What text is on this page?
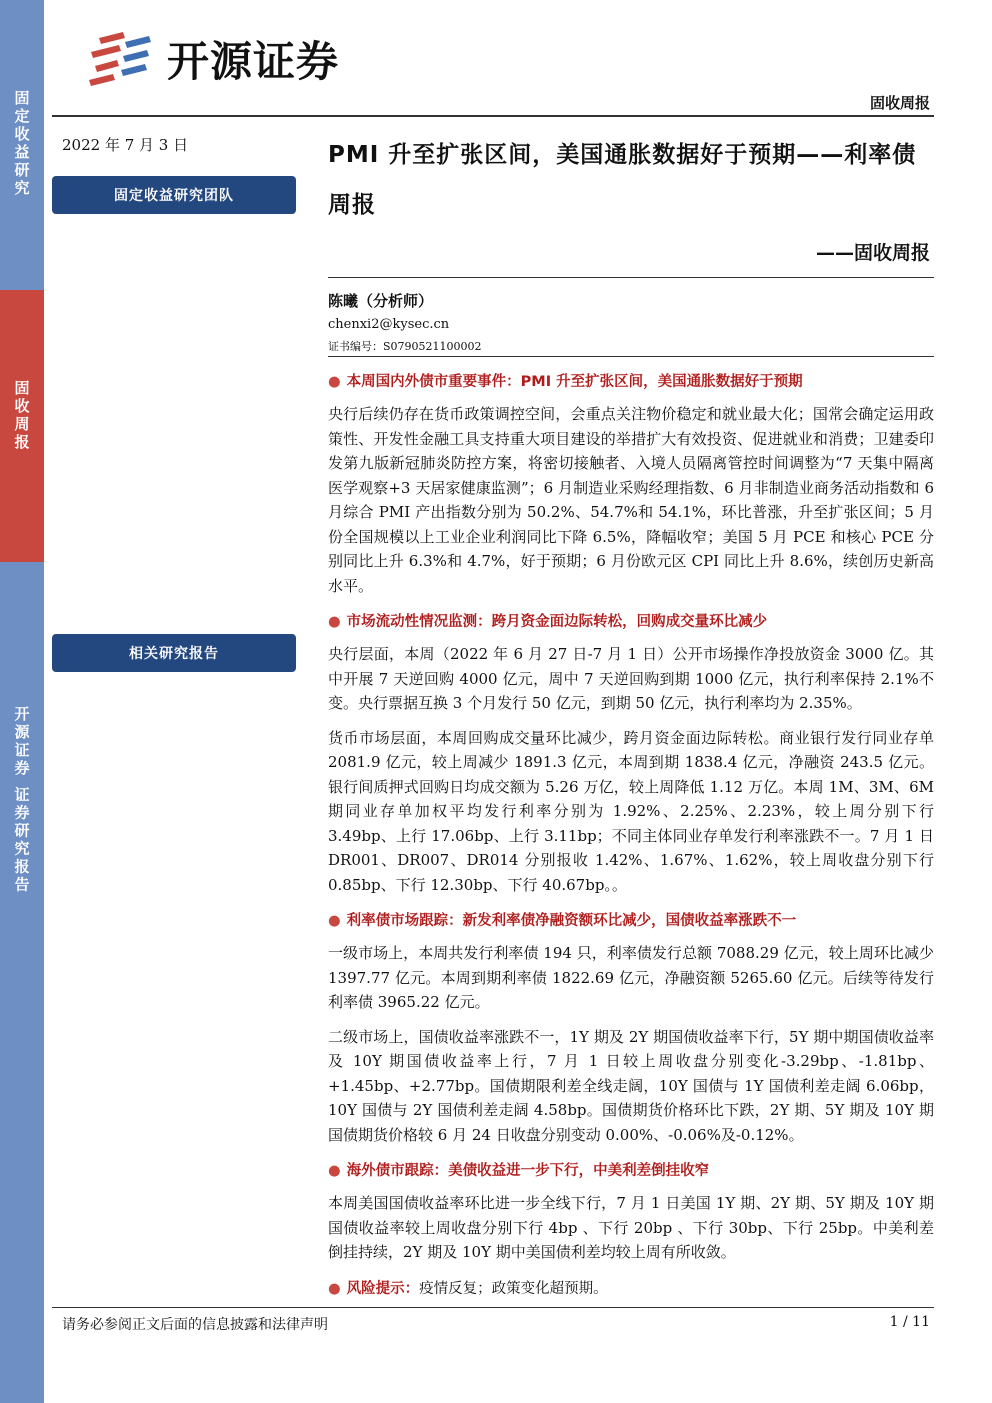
固定收益研究
固收周报
开源证券 证券研究报告
开源证券
固收周报
2022 年 7 月 3 日
固定收益研究团队
相关研究报告
PMI 升至扩张区间，美国通胀数据好于预期——利率债周报
——固收周报
陈曦（分析师）
chenxi2@kysec.cn
证书编号：S0790521100002
● 本周国内外债市重要事件：PMI 升至扩张区间，美国通胀数据好于预期

央行后续仍存在货币政策调控空间，会重点关注物价稳定和就业最大化；国常会确定运用政策性、开发性金融工具支持重大项目建设的举措扩大有效投资、促进就业和消费；卫建委印发第九版新冠肺炎防控方案，将密切接触者、入境人员隔离管控时间调整为“7 天集中隔离医学观察+3 天居家健康监测”；6 月制造业采购经理指数、6 月非制造业商务活动指数和 6 月综合 PMI 产出指数分别为 50.2%、54.7%和 54.1%，环比普涨，升至扩张区间；5 月份全国规模以上工业企业利润同比下降 6.5%，降幅收窄；美国 5 月 PCE 和核心 PCE 分别同比上升 6.3%和 4.7%，好于预期；6 月份欧元区 CPI 同比上升 8.6%，续创历史新高水平。

● 市场流动性情况监测：跨月资金面边际转松，回购成交量环比减少

央行层面，本周（2022 年 6 月 27 日-7 月 1 日）公开市场操作净投放资金 3000 亿。其中开展 7 天逆回购 4000 亿元，周中 7 天逆回购到期 1000 亿元，执行利率保持 2.1%不变。央行票据互换 3 个月发行 50 亿元，到期 50 亿元，执行利率均为 2.35%。

货币市场层面，本周回购成交量环比减少，跨月资金面边际转松。商业银行发行同业存单 2081.9 亿元，较上周减少 1891.3 亿元，本周到期 1838.4 亿元，净融资 243.5 亿元。银行间质押式回购日均成交额为 5.26 万亿，较上周降低 1.12 万亿。本周 1M、3M、6M 期同业存单加权平均发行利率分别为 1.92%、2.25%、2.23%，较上周分别下行 3.49bp、上行 17.06bp、上行 3.11bp；不同主体同业存单发行利率涨跌不一。7 月 1 日 DR001、DR007、DR014 分别报收 1.42%、1.67%、1.62%，较上周收盘分别下行 0.85bp、下行 12.30bp、下行 40.67bp。。

● 利率债市场跟踪：新发利率债净融资额环比减少，国债收益率涨跌不一

一级市场上，本周共发行利率债 194 只，利率债发行总额 7088.29 亿元，较上周环比减少 1397.77 亿元。本周到期利率债 1822.69 亿元，净融资额 5265.60 亿元。后续等待发行利率债 3965.22 亿元。

二级市场上，国债收益率涨跌不一，1Y 期及 2Y 期国债收益率下行，5Y 期中期国债收益率及 10Y 期国债收益率上行，7 月 1 日较上周收盘分别变化-3.29bp、-1.81bp、+1.45bp、+2.77bp。国债期限利差全线走阔，10Y 国债与 1Y 国债利差走阔 6.06bp，10Y 国债与 2Y 国债利差走阔 4.58bp。国债期货价格环比下跌，2Y 期、5Y 期及 10Y 期国债期货价格较 6 月 24 日收盘分别变动 0.00%、-0.06%及-0.12%。

● 海外债市跟踪：美债收益进一步下行，中美利差倒挂收窄

本周美国国债收益率环比进一步全线下行，7 月 1 日美国 1Y 期、2Y 期、5Y 期及 10Y 期国债收益率较上周收盘分别下行 4bp 、下行 20bp 、下行 30bp、下行 25bp。中美利差倒挂持续，2Y 期及 10Y 期中美国债利差均较上周有所收敛。

● 风险提示：疫情反复；政策变化超预期。
请务必参阅正文后面的信息披露和法律声明	1 / 11
